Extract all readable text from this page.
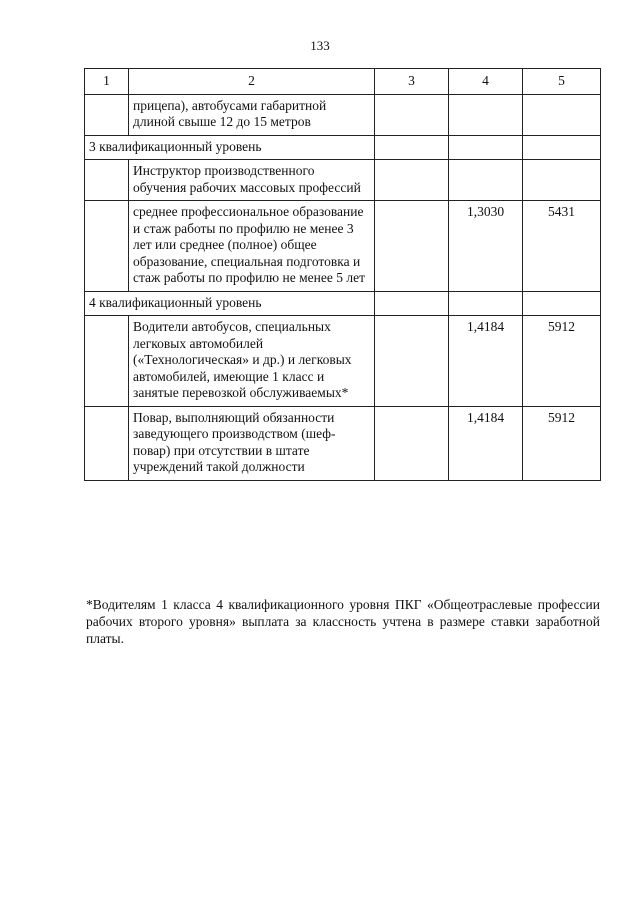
133
1	2	3	4	5
	прицепа), автобусами габаритной длиной свыше 12 до 15 метров			
3 квалификационный уровень				
	Инструктор производственного обучения рабочих массовых профессий			
	среднее профессиональное образование и стаж работы по профилю не менее 3 лет или среднее (полное) общее образование, специальная подготовка и стаж работы по профилю не менее 5 лет		1,3030	5431
4 квалификационный уровень				
	Водители автобусов, специальных легковых автомобилей («Технологическая» и др.) и легковых автомобилей, имеющие 1 класс и занятые перевозкой обслуживаемых*		1,4184	5912
	Повар, выполняющий обязанности заведующего производством (шеф-повар) при отсутствии в штате учреждений такой должности		1,4184	5912
*Водителям 1 класса 4 квалификационного уровня ПКГ «Общеотраслевые профессии рабочих второго уровня» выплата за классность учтена в размере ставки заработной платы.
